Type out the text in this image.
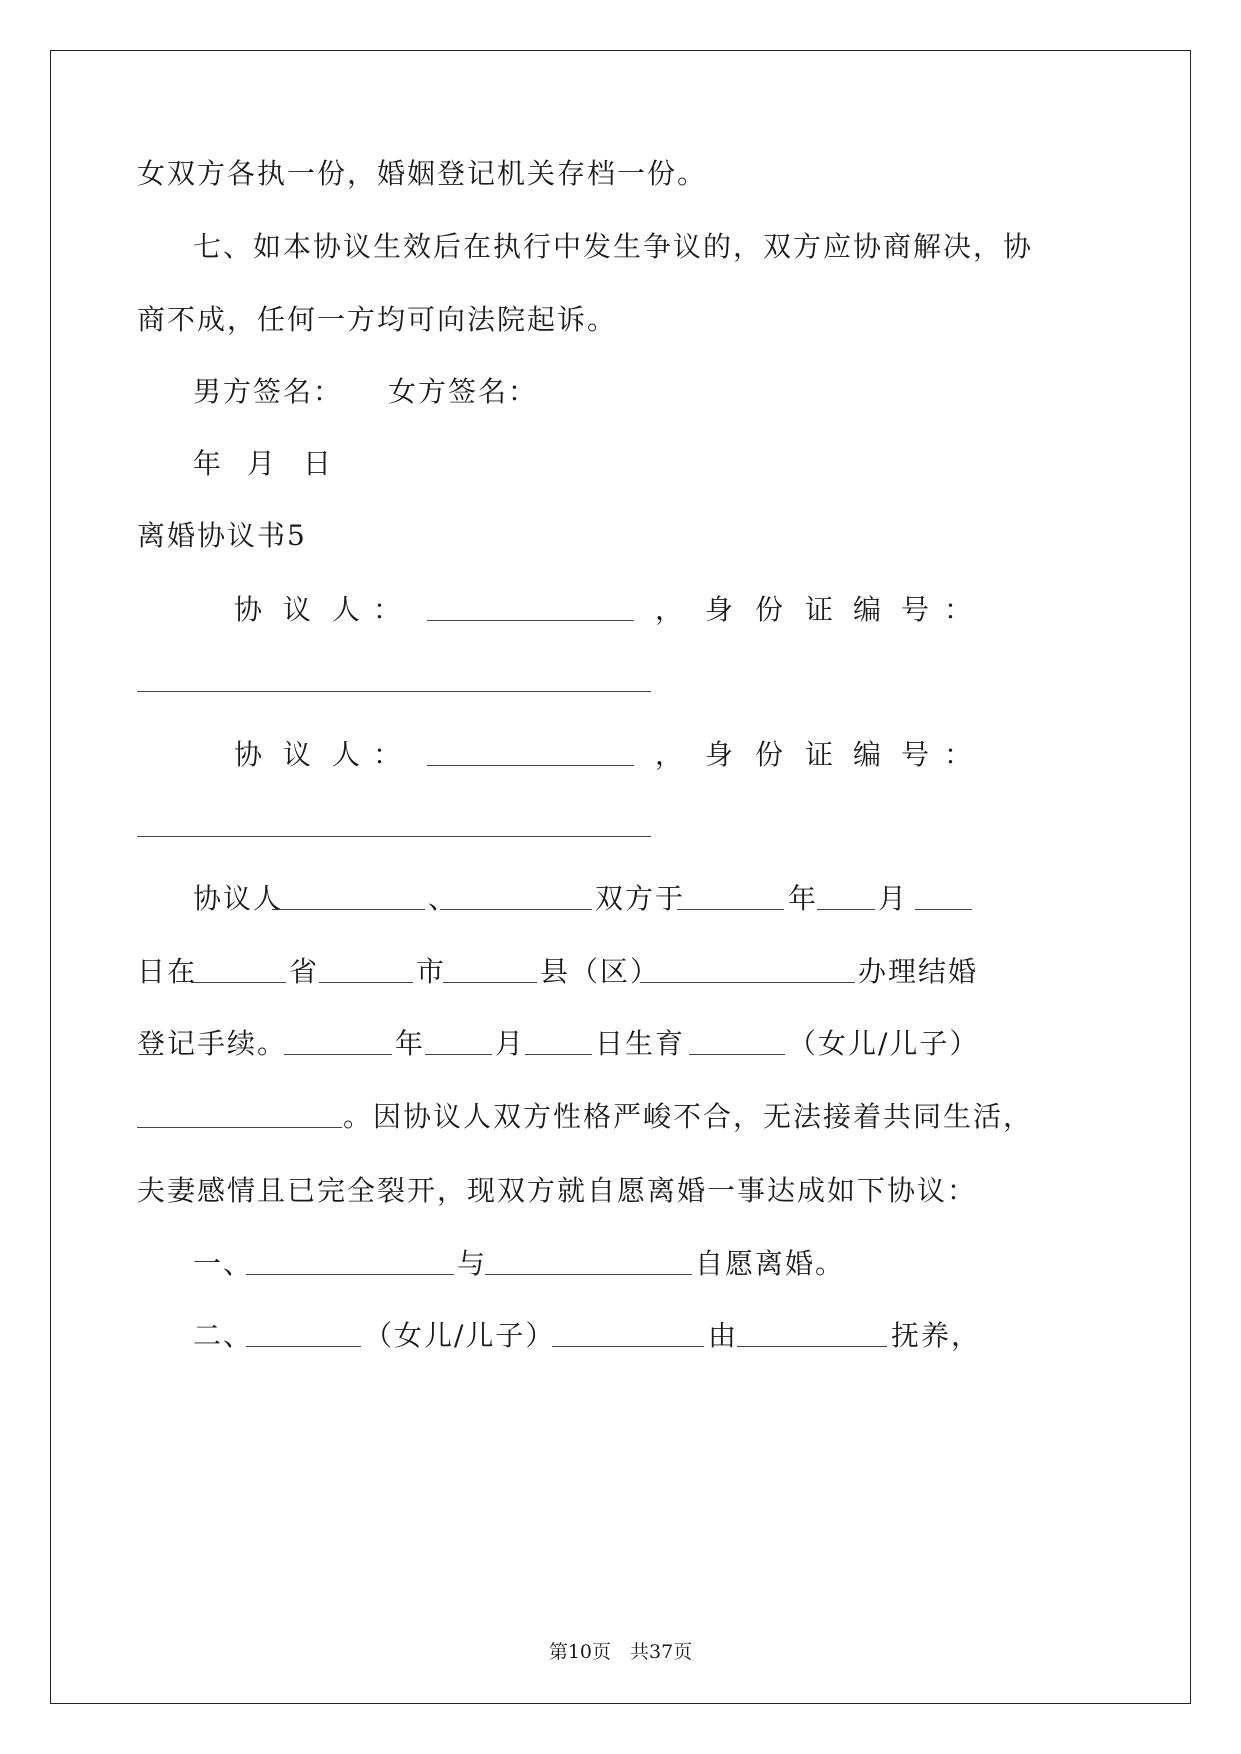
女双方各执一份，婚姻登记机关存档一份。
七、如本协议生效后在执行中发生争议的，双方应协商解决，协
商不成，任何一方均可向法院起诉。
男方签名： 女方签名：
年 月 日
离婚协议书5
协 议 人 ：	， 身 份 证 编 号 ：
协 议 人 ：	， 身 份 证 编 号 ：
协议人	、	双方于	年 月
日在	省	市	县（区）	办理结婚
登记手续。	年 月 日生育	（女儿/儿子）
。因协议人双方性格严峻不合，无法接着共同生活，
夫妻感情且已完全裂开，现双方就自愿离婚一事达成如下协议：
一、	与	自愿离婚。
二、	（女儿/儿子）	由	抚养，
第10页　共37页
